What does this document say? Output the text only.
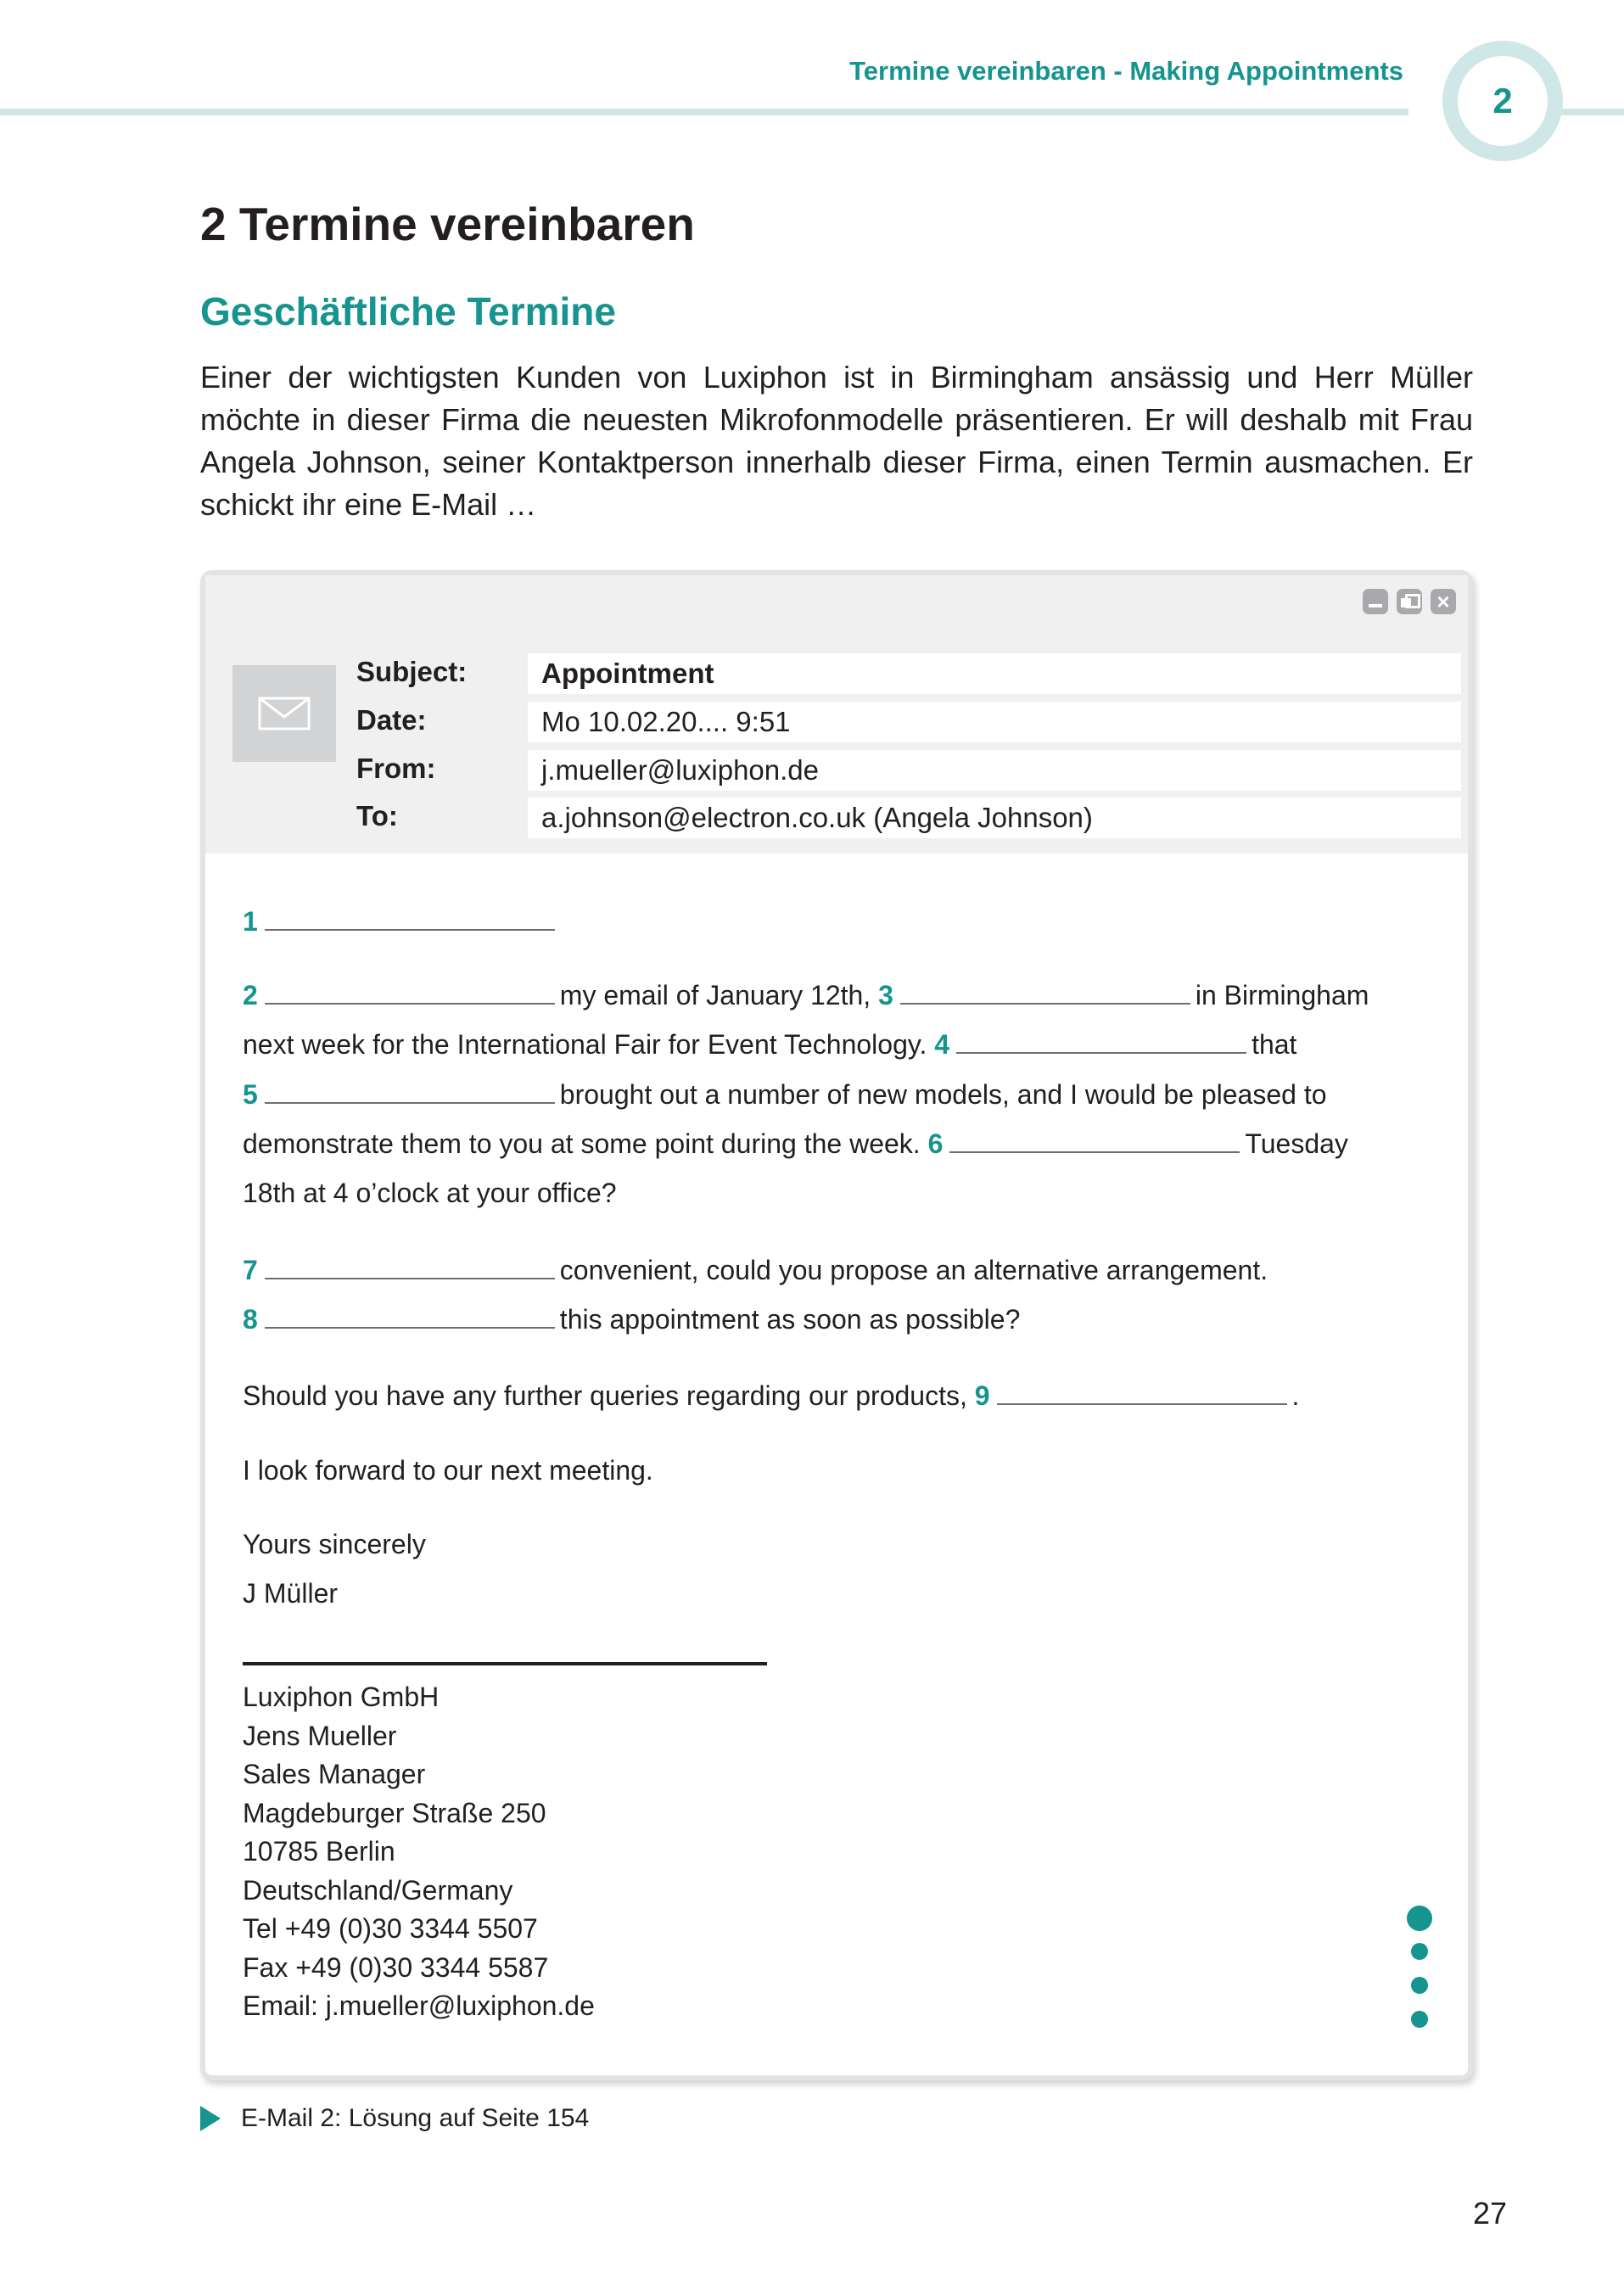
Termine vereinbaren - Making Appointments
2
2 Termine vereinbaren
Geschäftliche Termine

Einer der wichtigsten Kunden von Luxiphon ist in Birmingham ansässig und Herr Müller möchte in dieser Firma die neuesten Mikrofonmodelle präsentieren. Er will deshalb mit Frau Angela Johnson, seiner Kontaktperson innerhalb dieser Firma, einen Termin ausmachen. Er schickt ihr eine E-Mail …

×
Subject:	Appointment
Date:	Mo 10.02.20.... 9:51
From:	j.mueller@luxiphon.de
To:	a.johnson@electron.co.uk (Angela Johnson)
1
2	my email of January 12th, 3	in Birmingham
next week for the International Fair for Event Technology. 4	that
5	brought out a number of new models, and I would be pleased to
demonstrate them to you at some point during the week. 6	Tuesday
18th at 4 o’clock at your office?
7	convenient, could you propose an alternative arrangement.
8	this appointment as soon as possible?
Should you have any further queries regarding our products, 9	.
I look forward to our next meeting.
Yours sincerely
J Müller
Luxiphon GmbH
Jens Mueller
Sales Manager
Magdeburger Straße 250
10785 Berlin
Deutschland/Germany
Tel +49 (0)30 3344 5507
Fax +49 (0)30 3344 5587
Email: j.mueller@luxiphon.de
E-Mail 2: Lösung auf Seite 154
27
